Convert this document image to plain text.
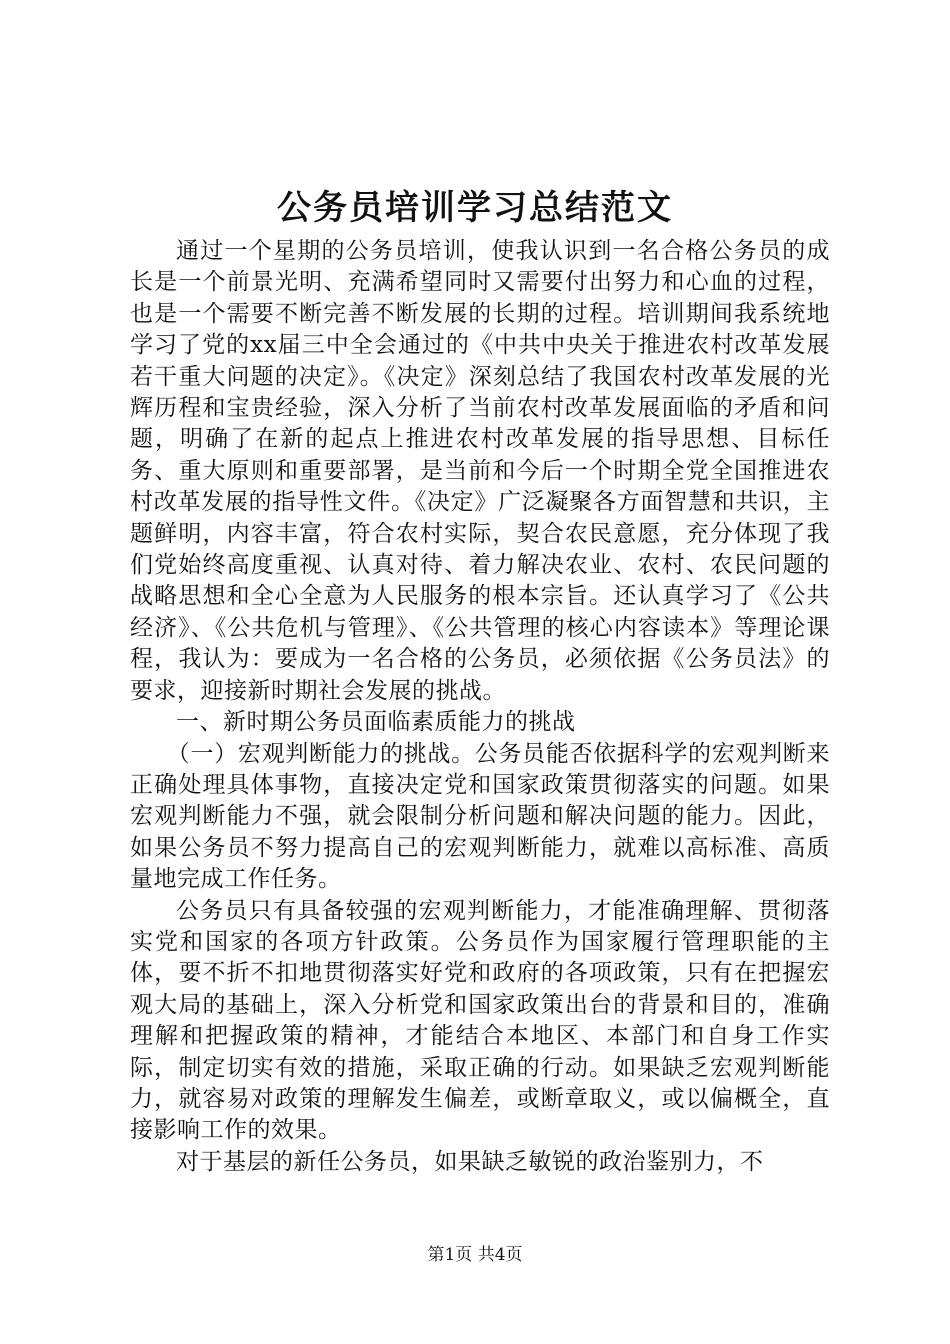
公务员培训学习总结范文

通过一个星期的公务员培训，使我认识到一名合格公务员的成长是一个前景光明、充满希望同时又需要付出努力和心血的过程，也是一个需要不断完善不断发展的长期的过程。培训期间我系统地学习了党的xx届三中全会通过的《中共中央关于推进农村改革发展若干重大问题的决定》。《决定》深刻总结了我国农村改革发展的光辉历程和宝贵经验，深入分析了当前农村改革发展面临的矛盾和问题，明确了在新的起点上推进农村改革发展的指导思想、目标任务、重大原则和重要部署，是当前和今后一个时期全党全国推进农村改革发展的指导性文件。《决定》广泛凝聚各方面智慧和共识，主题鲜明，内容丰富，符合农村实际，契合农民意愿，充分体现了我们党始终高度重视、认真对待、着力解决农业、农村、农民问题的战略思想和全心全意为人民服务的根本宗旨。还认真学习了《公共经济》、《公共危机与管理》、《公共管理的核心内容读本》等理论课程，我认为：要成为一名合格的公务员，必须依据《公务员法》的要求，迎接新时期社会发展的挑战。

一、新时期公务员面临素质能力的挑战

（一）宏观判断能力的挑战。公务员能否依据科学的宏观判断来正确处理具体事物，直接决定党和国家政策贯彻落实的问题。如果宏观判断能力不强，就会限制分析问题和解决问题的能力。因此，如果公务员不努力提高自己的宏观判断能力，就难以高标准、高质量地完成工作任务。

公务员只有具备较强的宏观判断能力，才能准确理解、贯彻落实党和国家的各项方针政策。公务员作为国家履行管理职能的主体，要不折不扣地贯彻落实好党和政府的各项政策，只有在把握宏观大局的基础上，深入分析党和国家政策出台的背景和目的，准确理解和把握政策的精神，才能结合本地区、本部门和自身工作实际，制定切实有效的措施，采取正确的行动。如果缺乏宏观判断能力，就容易对政策的理解发生偏差，或断章取义，或以偏概全，直接影响工作的效果。

对于基层的新任公务员，如果缺乏敏锐的政治鉴别力，不

第1页 共4页
